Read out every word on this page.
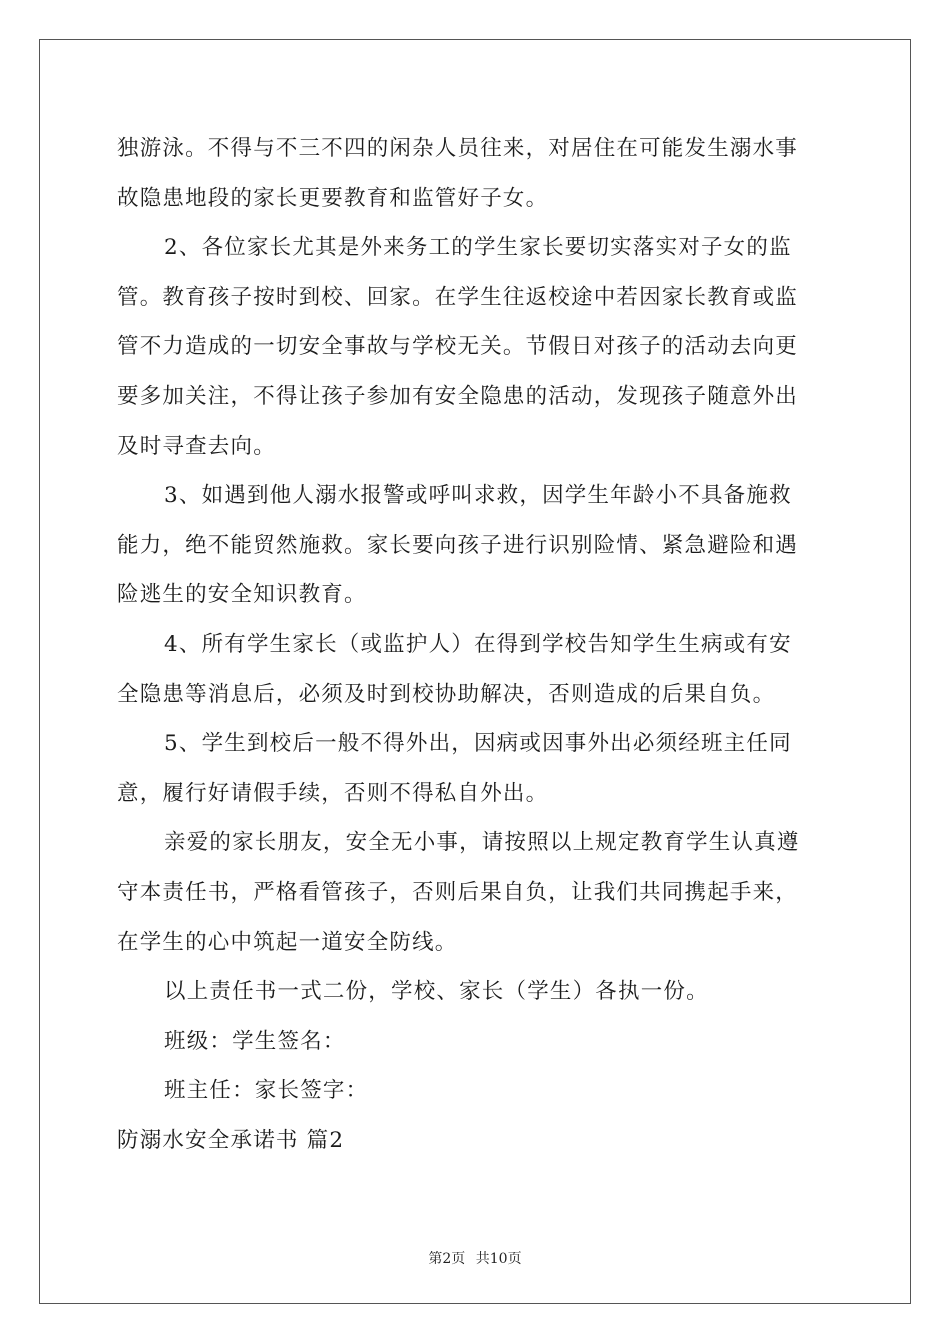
独游泳。不得与不三不四的闲杂人员往来，对居住在可能发生溺水事
故隐患地段的家长更要教育和监管好子女。
2、各位家长尤其是外来务工的学生家长要切实落实对子女的监
管。教育孩子按时到校、回家。在学生往返校途中若因家长教育或监
管不力造成的一切安全事故与学校无关。节假日对孩子的活动去向更
要多加关注，不得让孩子参加有安全隐患的活动，发现孩子随意外出
及时寻查去向。
3、如遇到他人溺水报警或呼叫求救，因学生年龄小不具备施救
能力，绝不能贸然施救。家长要向孩子进行识别险情、紧急避险和遇
险逃生的安全知识教育。
4、所有学生家长（或监护人）在得到学校告知学生生病或有安
全隐患等消息后，必须及时到校协助解决，否则造成的后果自负。
5、学生到校后一般不得外出，因病或因事外出必须经班主任同
意，履行好请假手续，否则不得私自外出。
亲爱的家长朋友，安全无小事，请按照以上规定教育学生认真遵
守本责任书，严格看管孩子，否则后果自负，让我们共同携起手来，
在学生的心中筑起一道安全防线。
以上责任书一式二份，学校、家长（学生）各执一份。
班级：学生签名：
班主任：家长签字：
防溺水安全承诺书 篇2
第2页 共10页
